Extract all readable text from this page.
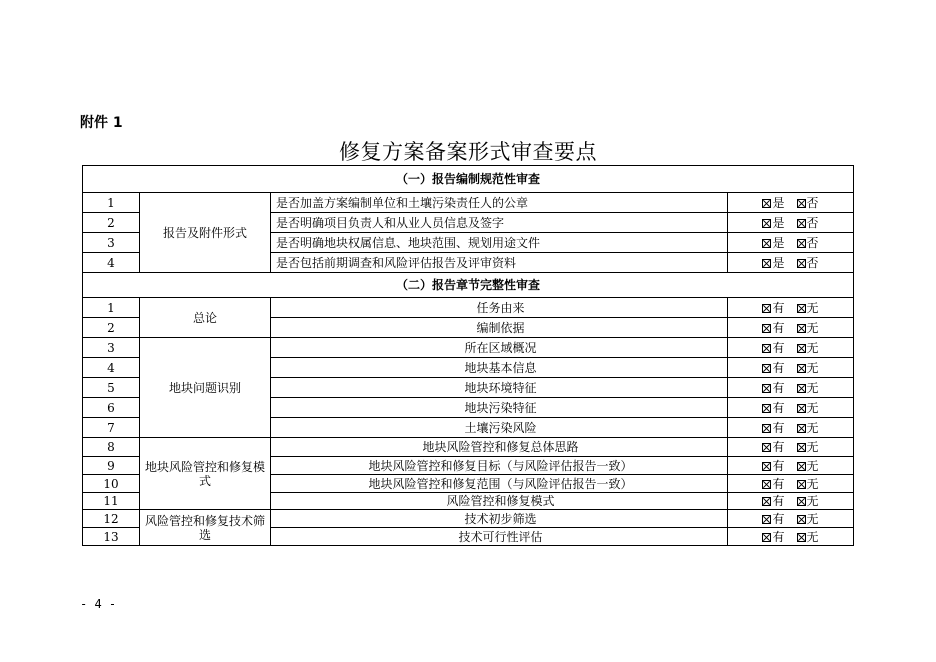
附件 1
修复方案备案形式审查要点
（一）报告编制规范性审查			
1	报告及附件形式	是否加盖方案编制单位和土壤污染责任人的公章	是 否
2		是否明确项目负责人和从业人员信息及签字	是 否
3		是否明确地块权属信息、地块范围、规划用途文件	是 否
4		是否包括前期调查和风险评估报告及评审资料	是 否
（二）报告章节完整性审查			
1	总论	任务由来	有 无
2		编制依据	有 无
3	地块问题识别	所在区域概况	有 无
4		地块基本信息	有 无
5		地块环境特征	有 无
6		地块污染特征	有 无
7		土壤污染风险	有 无
8	地块风险管控和修复模式	地块风险管控和修复总体思路	有 无
9		地块风险管控和修复目标（与风险评估报告一致）	有 无
10		地块风险管控和修复范围（与风险评估报告一致）	有 无
11		风险管控和修复模式	有 无
12	风险管控和修复技术筛选	技术初步筛选	有 无
13		技术可行性评估	有 无
- 4 -
